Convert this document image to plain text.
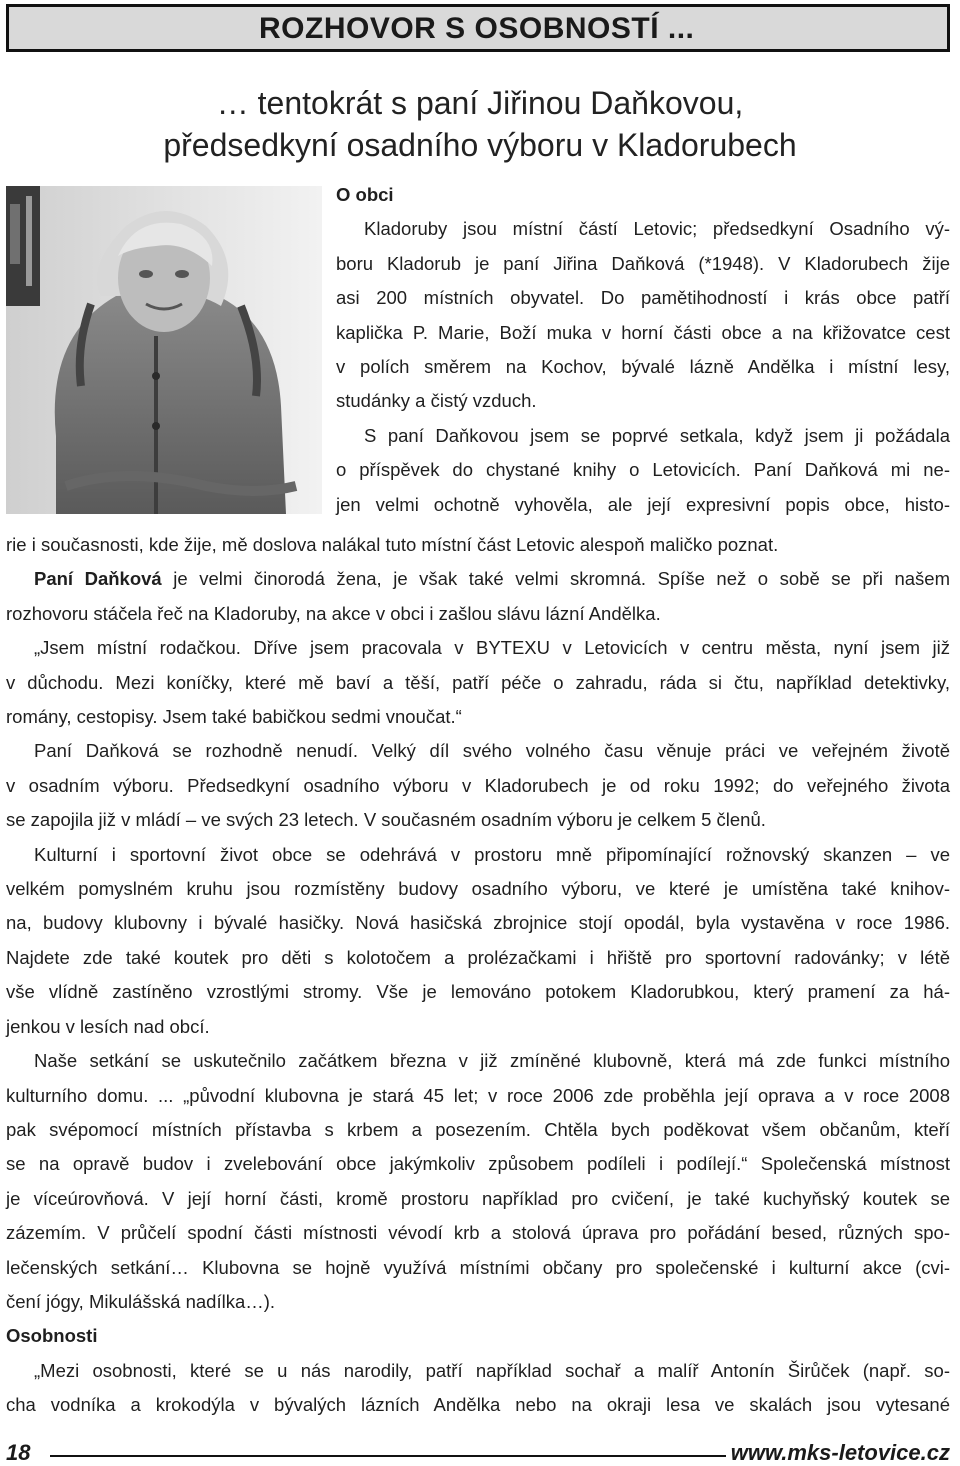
ROZHOVOR S OSOBNOSTÍ ...
… tentokrát s paní Jiřinou Daňkovou,
předsedkyní osadního výboru v Kladorubech
O obci
Kladoruby jsou místní částí Letovic; předsedkyní Osadního vý-
boru Kladorub je paní Jiřina Daňková (*1948). V Kladorubech žije
asi 200 místních obyvatel. Do pamětihodností i krás obce patří
kaplička P. Marie, Boží muka v horní části obce a na křižovatce cest
v polích směrem na Kochov, bývalé lázně Andělka i místní lesy,
studánky a čistý vzduch.
S paní Daňkovou jsem se poprvé setkala, když jsem ji požádala
o příspěvek do chystané knihy o Letovicích. Paní Daňková mi ne-
jen velmi ochotně vyhověla, ale její expresivní popis obce, histo-
rie i současnosti, kde žije, mě doslova nalákal tuto místní část Letovic alespoň maličko poznat.
Paní Daňková je velmi činorodá žena, je však také velmi skromná. Spíše než o sobě se při našem
rozhovoru stáčela řeč na Kladoruby, na akce v obci i zašlou slávu lázní Andělka.
„Jsem místní rodačkou. Dříve jsem pracovala v BYTEXU v Letovicích v centru města, nyní jsem již
v důchodu. Mezi koníčky, které mě baví a těší, patří péče o zahradu, ráda si čtu, například detektivky,
romány, cestopisy. Jsem také babičkou sedmi vnoučat.“
Paní Daňková se rozhodně nenudí. Velký díl svého volného času věnuje práci ve veřejném životě
v osadním výboru. Předsedkyní osadního výboru v Kladorubech je od roku 1992; do veřejného života
se zapojila již v mládí – ve svých 23 letech. V současném osadním výboru je celkem 5 členů.
Kulturní i sportovní život obce se odehrává v prostoru mně připomínající rožnovský skanzen – ve
velkém pomyslném kruhu jsou rozmístěny budovy osadního výboru, ve které je umístěna také knihov-
na, budovy klubovny i bývalé hasičky. Nová hasičská zbrojnice stojí opodál, byla vystavěna v roce 1986.
Najdete zde také koutek pro děti s kolotočem a prolézačkami i hřiště pro sportovní radovánky; v létě
vše vlídně zastíněno vzrostlými stromy. Vše je lemováno potokem Kladorubkou, který pramení za há-
jenkou v lesích nad obcí.
Naše setkání se uskutečnilo začátkem března v již zmíněné klubovně, která má zde funkci místního
kulturního domu. ... „původní klubovna je stará 45 let; v roce 2006 zde proběhla její oprava a v roce 2008
pak svépomocí místních přístavba s krbem a posezením. Chtěla bych poděkovat všem občanům, kteří
se na opravě budov i zvelebování obce jakýmkoliv způsobem podíleli i podílejí.“ Společenská místnost
je víceúrovňová. V její horní části, kromě prostoru například pro cvičení, je také kuchyňský koutek se
zázemím. V průčelí spodní části místnosti vévodí krb a stolová úprava pro pořádání besed, různých spo-
lečenských setkání… Klubovna se hojně využívá místními občany pro společenské i kulturní akce (cvi-
čení jógy, Mikulášská nadílka…).
Osobnosti
„Mezi osobnosti, které se u nás narodily, patří například sochař a malíř Antonín Širůček (např. so-
cha vodníka a krokodýla v bývalých lázních Andělka nebo na okraji lesa ve skalách jsou vytesané
18	www.mks-letovice.cz
